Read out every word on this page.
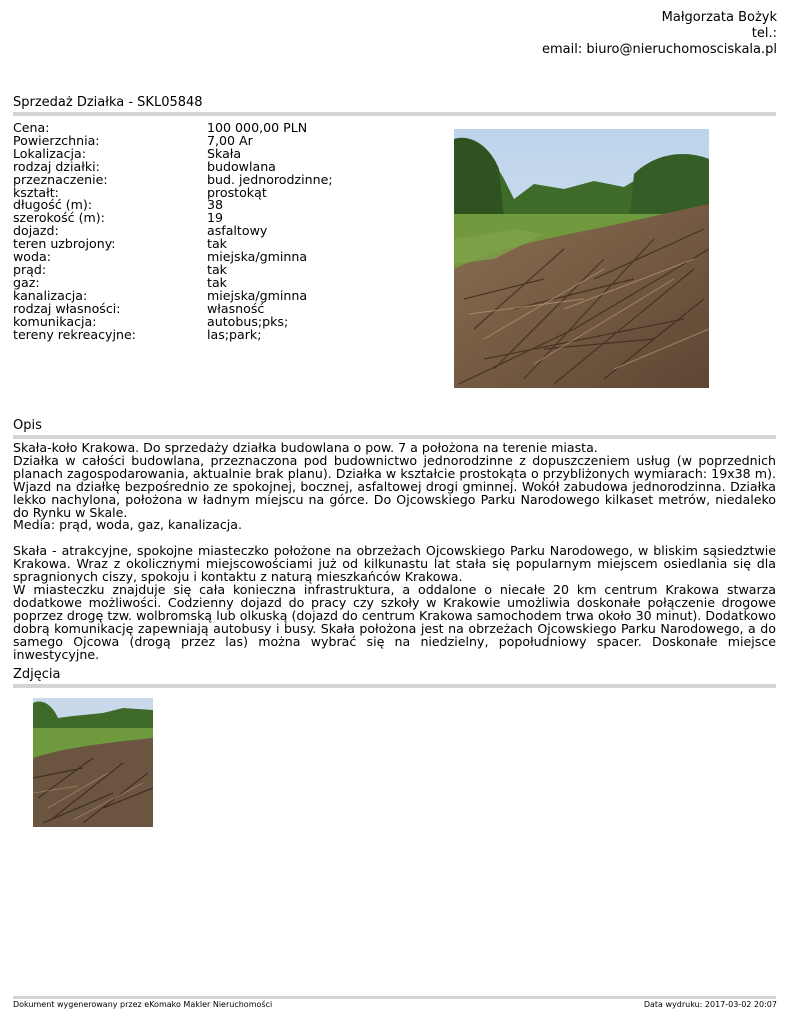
Małgorzata Bożyk
tel.:
email: biuro@nieruchomosciskala.pl
Sprzedaż Działka - SKL05848
Cena:	100 000,00 PLN
Powierzchnia:	7,00 Ar
Lokalizacja:	Skała
rodzaj działki:	budowlana
przeznaczenie:	bud. jednorodzinne;
kształt:	prostokąt
długość (m):	38
szerokość (m):	19
dojazd:	asfaltowy
teren uzbrojony:	tak
woda:	miejska/gminna
prąd:	tak
gaz:	tak
kanalizacja:	miejska/gminna
rodzaj własności:	własność
komunikacja:	autobus;pks;
tereny rekreacyjne:	las;park;
Opis

Skała-koło Krakowa. Do sprzedaży działka budowlana o pow. 7 a położona na terenie miasta.

Działka w całości budowlana, przeznaczona pod budownictwo jednorodzinne z dopuszczeniem usług (w poprzednich planach zagospodarowania, aktualnie brak planu). Działka w kształcie prostokąta o przybliżonych wymiarach: 19x38 m). Wjazd na działkę bezpośrednio ze spokojnej, bocznej, asfaltowej drogi gminnej. Wokół zabudowa jednorodzinna. Działka lekko nachylona, położona w ładnym miejscu na górce. Do Ojcowskiego Parku Narodowego kilkaset metrów, niedaleko do Rynku w Skale.

Media: prąd, woda, gaz, kanalizacja.

Skała - atrakcyjne, spokojne miasteczko położone na obrzeżach Ojcowskiego Parku Narodowego, w bliskim sąsiedztwie Krakowa. Wraz z okolicznymi miejscowościami już od kilkunastu lat stała się popularnym miejscem osiedlania się dla spragnionych ciszy, spokoju i kontaktu z naturą mieszkańców Krakowa.

W miasteczku znajduje się cała konieczna infrastruktura, a oddalone o niecałe 20 km centrum Krakowa stwarza dodatkowe możliwości. Codzienny dojazd do pracy czy szkoły w Krakowie umożliwia doskonałe połączenie drogowe poprzez drogę tzw. wolbromską lub olkuską (dojazd do centrum Krakowa samochodem trwa około 30 minut). Dodatkowo dobrą komunikację zapewniają autobusy i busy. Skała położona jest na obrzeżach Ojcowskiego Parku Narodowego, a do samego Ojcowa (drogą przez las) można wybrać się na niedzielny, popołudniowy spacer. Doskonałe miejsce inwestycyjne.

Zdjęcia
Dokument wygenerowany przez eKomako Makler Nieruchomości	Data wydruku: 2017-03-02 20:07
